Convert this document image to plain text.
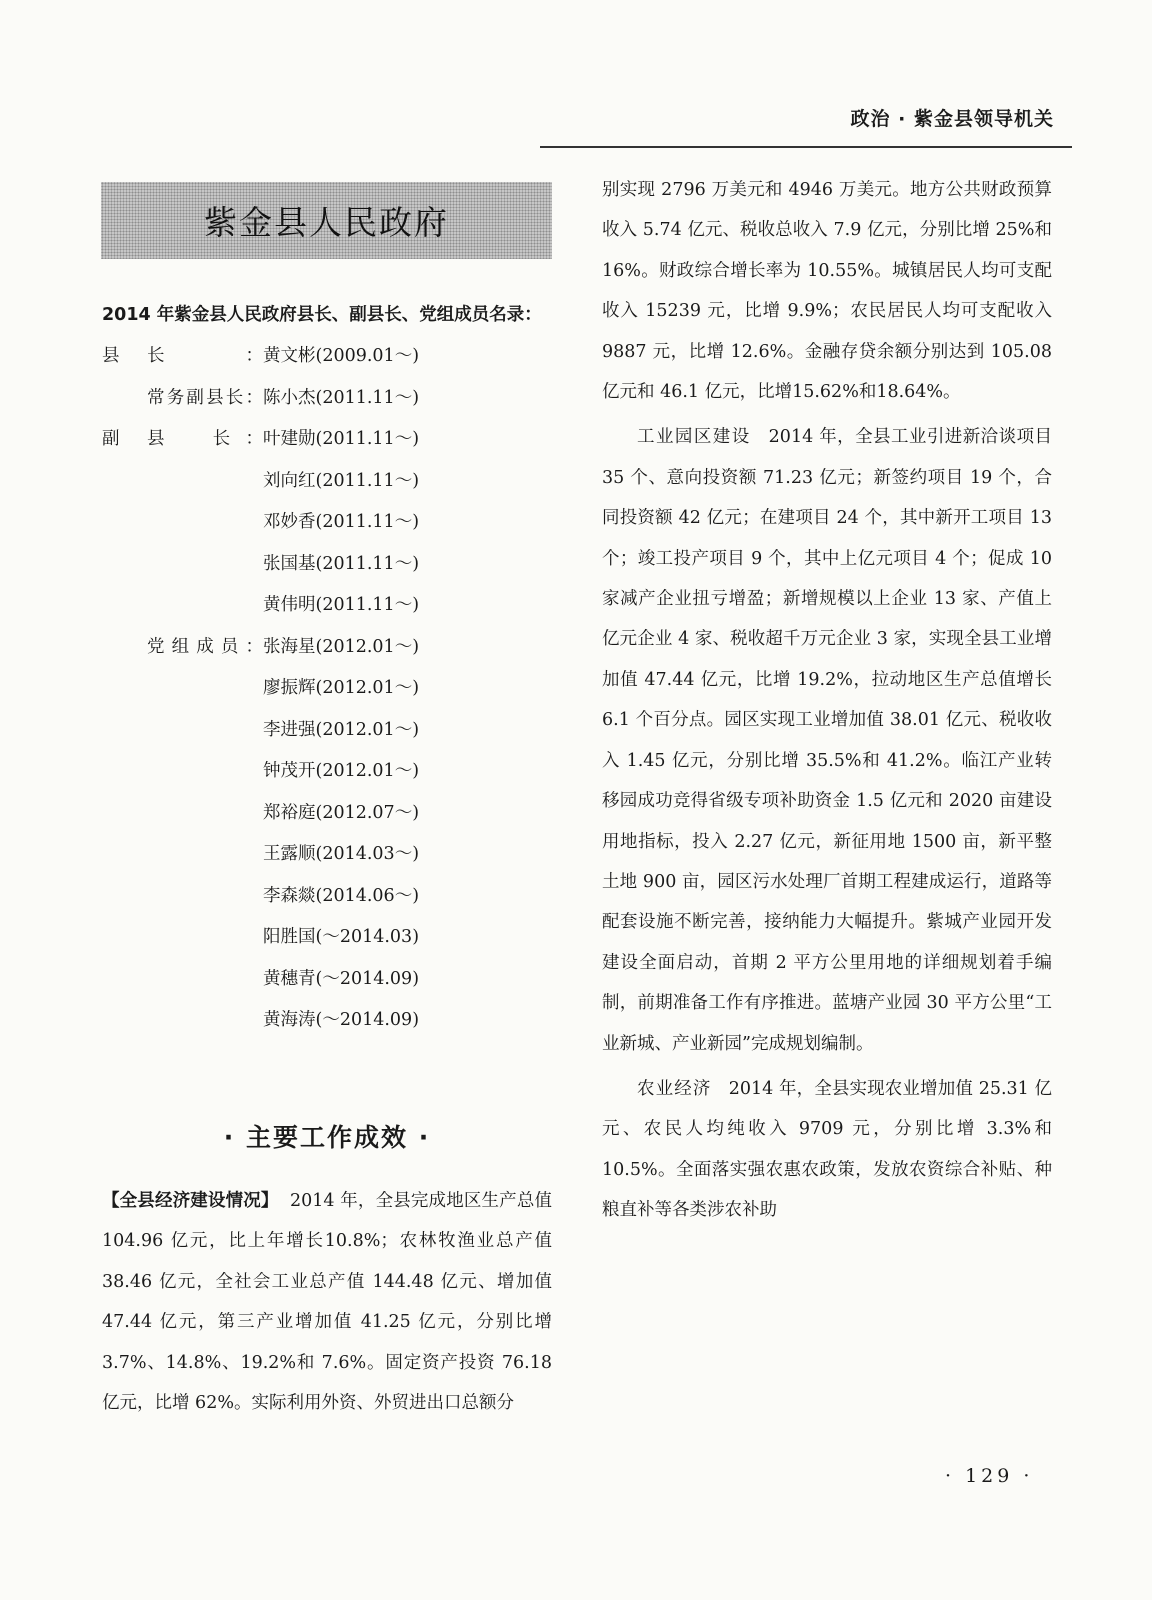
政治 · 紫金县领导机关
紫金县人民政府
2014 年紫金县人民政府县长、副县长、党组成员名录：
县	长： 黄文彬(2009.01～)
常务副县长： 陈小杰(2011.11～)
副	县　长： 叶建勋(2011.11～)
刘向红(2011.11～)
邓妙香(2011.11～)
张国基(2011.11～)
黄伟明(2011.11～)
党组成员： 张海星(2012.01～)
廖振辉(2012.01～)
李进强(2012.01～)
钟茂开(2012.01～)
郑裕庭(2012.07～)
王露顺(2014.03～)
李森燚(2014.06～)
阳胜国(～2014.03)
黄穗青(～2014.09)
黄海涛(～2014.09)
· 主要工作成效 ·

【全县经济建设情况】 2014 年，全县完成地区生产总值 104.96 亿元，比上年增长10.8%；农林牧渔业总产值 38.46 亿元，全社会工业总产值 144.48 亿元、增加值 47.44 亿元，第三产业增加值 41.25 亿元，分别比增3.7%、14.8%、19.2%和 7.6%。固定资产投资 76.18 亿元，比增 62%。实际利用外资、外贸进出口总额分

别实现 2796 万美元和 4946 万美元。地方公共财政预算收入 5.74 亿元、税收总收入 7.9 亿元，分别比增 25%和 16%。财政综合增长率为 10.55%。城镇居民人均可支配收入 15239 元，比增 9.9%；农民居民人均可支配收入 9887 元，比增 12.6%。金融存贷余额分别达到 105.08 亿元和 46.1 亿元，比增15.62%和18.64%。

工业园区建设 2014 年，全县工业引进新洽谈项目 35 个、意向投资额 71.23 亿元；新签约项目 19 个，合同投资额 42 亿元；在建项目 24 个，其中新开工项目 13 个；竣工投产项目 9 个，其中上亿元项目 4 个；促成 10 家减产企业扭亏增盈；新增规模以上企业 13 家、产值上亿元企业 4 家、税收超千万元企业 3 家，实现全县工业增加值 47.44 亿元，比增 19.2%，拉动地区生产总值增长 6.1 个百分点。园区实现工业增加值 38.01 亿元、税收收入 1.45 亿元，分别比增 35.5%和 41.2%。临江产业转移园成功竞得省级专项补助资金 1.5 亿元和 2020 亩建设用地指标，投入 2.27 亿元，新征用地 1500 亩，新平整土地 900 亩，园区污水处理厂首期工程建成运行，道路等配套设施不断完善，接纳能力大幅提升。紫城产业园开发建设全面启动，首期 2 平方公里用地的详细规划着手编制，前期准备工作有序推进。蓝塘产业园 30 平方公里“工业新城、产业新园”完成规划编制。

农业经济 2014 年，全县实现农业增加值 25.31 亿元、农民人均纯收入 9709 元，分别比增 3.3%和 10.5%。全面落实强农惠农政策，发放农资综合补贴、种粮直补等各类涉农补助

· 129 ·
